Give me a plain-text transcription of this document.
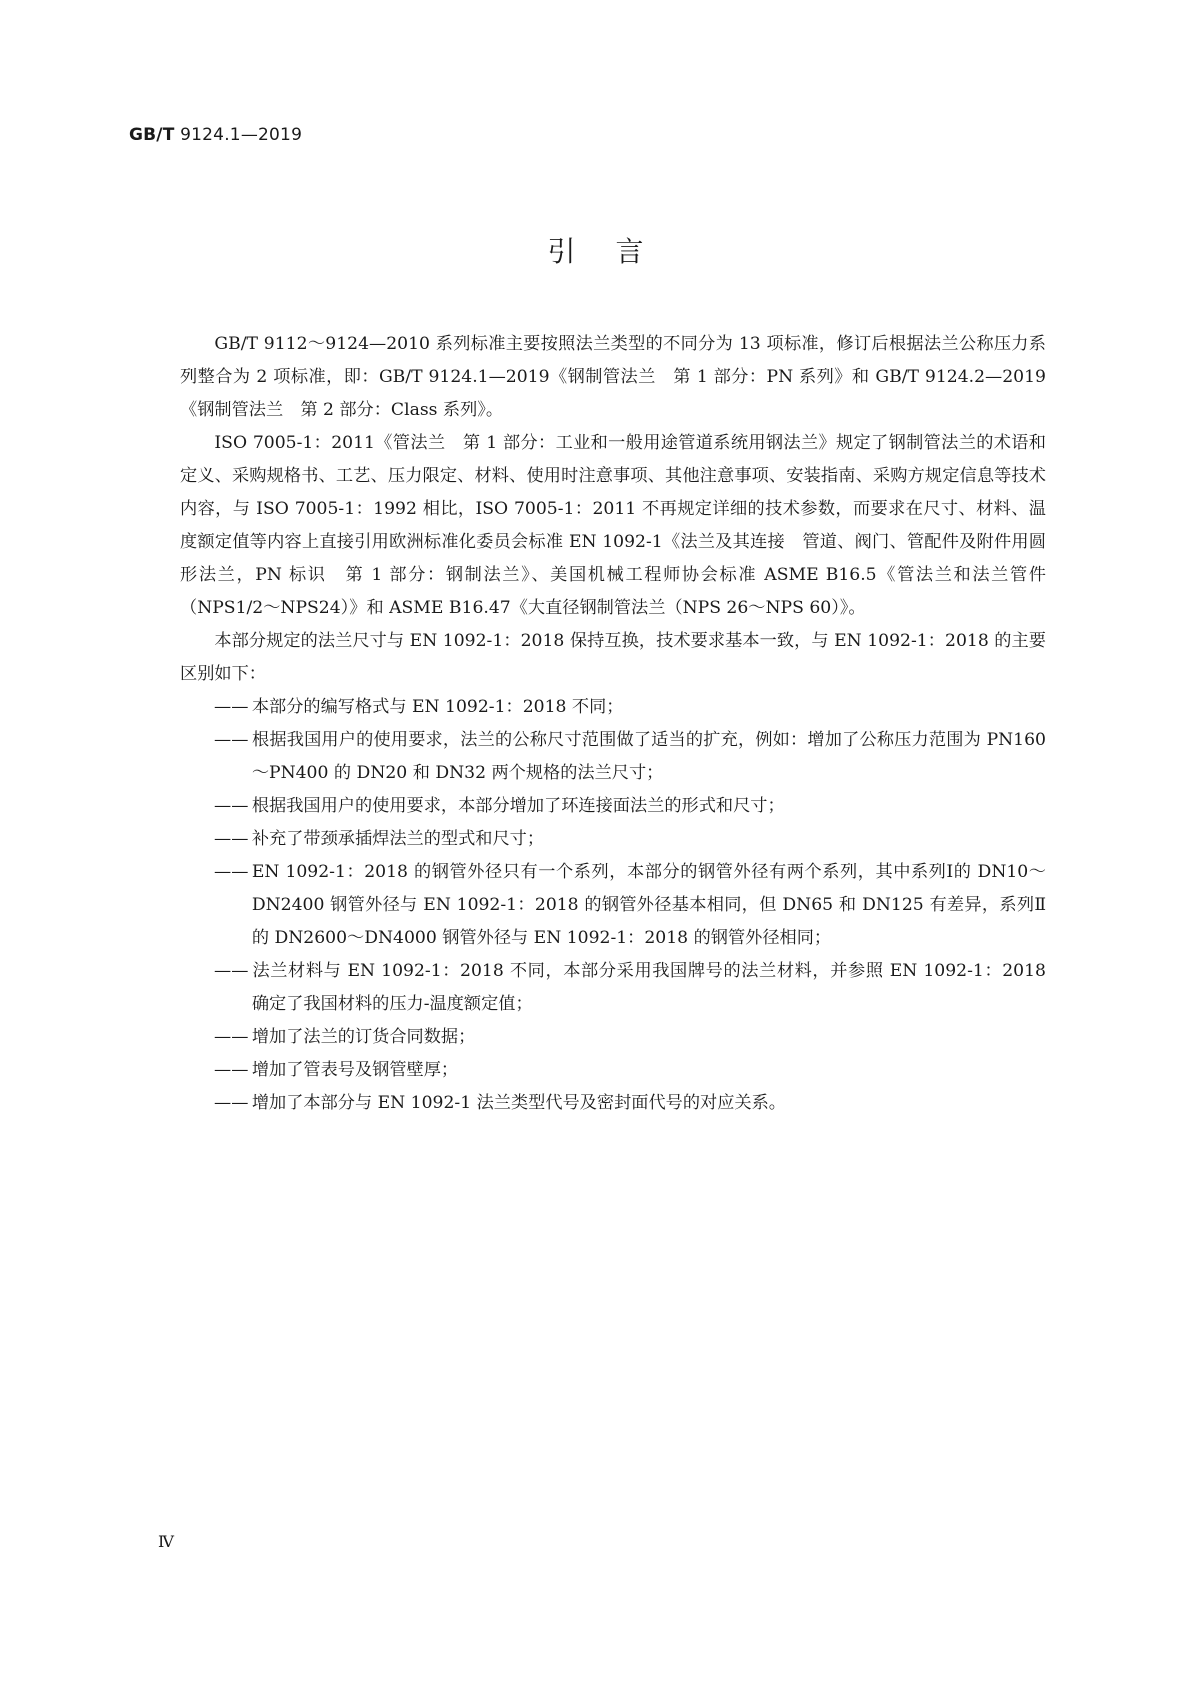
GB/T 9124.1—2019
引言

GB/T 9112～9124—2010 系列标准主要按照法兰类型的不同分为 13 项标准，修订后根据法兰公称压力系列整合为 2 项标准，即：GB/T 9124.1—2019《钢制管法兰　第 1 部分：PN 系列》和 GB/T 9124.2—2019《钢制管法兰　第 2 部分：Class 系列》。

ISO 7005-1：2011《管法兰　第 1 部分：工业和一般用途管道系统用钢法兰》规定了钢制管法兰的术语和定义、采购规格书、工艺、压力限定、材料、使用时注意事项、其他注意事项、安装指南、采购方规定信息等技术内容，与 ISO 7005-1：1992 相比，ISO 7005-1：2011 不再规定详细的技术参数，而要求在尺寸、材料、温度额定值等内容上直接引用欧洲标准化委员会标准 EN 1092-1《法兰及其连接　管道、阀门、管配件及附件用圆形法兰，PN 标识　第 1 部分：钢制法兰》、美国机械工程师协会标准 ASME B16.5《管法兰和法兰管件（NPS1/2～NPS24）》和 ASME B16.47《大直径钢制管法兰（NPS 26～NPS 60）》。

本部分规定的法兰尺寸与 EN 1092-1：2018 保持互换，技术要求基本一致，与 EN 1092-1：2018 的主要区别如下：

—— 本部分的编写格式与 EN 1092-1：2018 不同；
—— 根据我国用户的使用要求，法兰的公称尺寸范围做了适当的扩充，例如：增加了公称压力范围为 PN160～PN400 的 DN20 和 DN32 两个规格的法兰尺寸；
—— 根据我国用户的使用要求，本部分增加了环连接面法兰的形式和尺寸；
—— 补充了带颈承插焊法兰的型式和尺寸；
—— EN 1092-1：2018 的钢管外径只有一个系列，本部分的钢管外径有两个系列，其中系列Ⅰ的 DN10～DN2400 钢管外径与 EN 1092-1：2018 的钢管外径基本相同，但 DN65 和 DN125 有差异，系列Ⅱ的 DN2600～DN4000 钢管外径与 EN 1092-1：2018 的钢管外径相同；
—— 法兰材料与 EN 1092-1：2018 不同，本部分采用我国牌号的法兰材料，并参照 EN 1092-1：2018 确定了我国材料的压力-温度额定值；
—— 增加了法兰的订货合同数据；
—— 增加了管表号及钢管壁厚；
—— 增加了本部分与 EN 1092-1 法兰类型代号及密封面代号的对应关系。
Ⅳ
